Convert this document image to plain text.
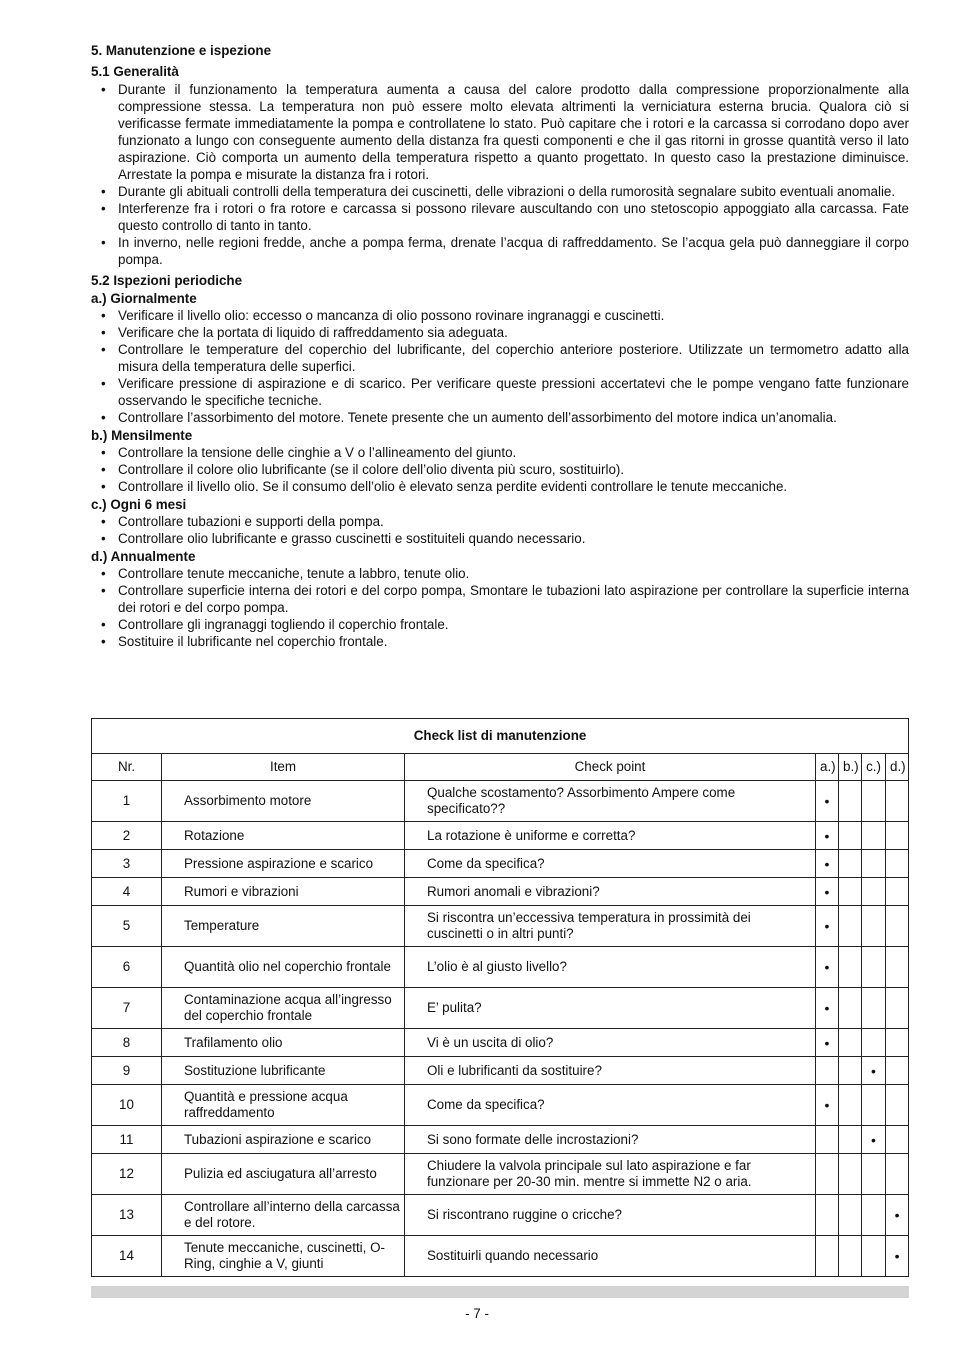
5. Manutenzione e ispezione
5.1 Generalità
• Durante il funzionamento la temperatura aumenta a causa del calore prodotto dalla compressione proporzionalmente alla compressione stessa. La temperatura non può essere molto elevata altrimenti la verniciatura esterna brucia. Qualora ciò si verificasse fermate immediatamente la pompa e controllatene lo stato. Può capitare che i rotori e la carcassa si corrodano dopo aver funzionato a lungo con conseguente aumento della distanza fra questi componenti e che il gas ritorni in grosse quantità verso il lato aspirazione. Ciò comporta un aumento della temperatura rispetto a quanto progettato. In questo caso la prestazione diminuisce. Arrestate la pompa e misurate la distanza fra i rotori.
• Durante gli abituali controlli della temperatura dei cuscinetti, delle vibrazioni o della rumorosità segnalare subito eventuali anomalie.
• Interferenze fra i rotori o fra rotore e carcassa si possono rilevare auscultando con uno stetoscopio appoggiato alla carcassa. Fate questo controllo di tanto in tanto.
• In inverno, nelle regioni fredde, anche a pompa ferma, drenate l’acqua di raffreddamento. Se l’acqua gela può danneggiare il corpo pompa.
5.2 Ispezioni periodiche
a.) Giornalmente
• Verificare il livello olio: eccesso o mancanza di olio possono rovinare ingranaggi e cuscinetti.
• Verificare che la portata di liquido di raffreddamento sia adeguata.
• Controllare le temperature del coperchio del lubrificante, del coperchio anteriore posteriore. Utilizzate un termometro adatto alla misura della temperatura delle superfici.
• Verificare pressione di aspirazione e di scarico. Per verificare queste pressioni accertatevi che le pompe vengano fatte funzionare osservando le specifiche tecniche.
• Controllare l’assorbimento del motore. Tenete presente che un aumento dell’assorbimento del motore indica un’anomalia.
b.) Mensilmente
• Controllare la tensione delle cinghie a V o l’allineamento del giunto.
• Controllare il colore olio lubrificante (se il colore dell’olio diventa più scuro, sostituirlo).
• Controllare il livello olio. Se il consumo dell’olio è elevato senza perdite evidenti controllare le tenute meccaniche.
c.) Ogni 6 mesi
• Controllare tubazioni e supporti della pompa.
• Controllare olio lubrificante e grasso cuscinetti e sostituiteli quando necessario.
d.) Annualmente
• Controllare tenute meccaniche, tenute a labbro, tenute olio.
• Controllare superficie interna dei rotori e del corpo pompa, Smontare le tubazioni lato aspirazione per controllare la superficie interna dei rotori e del corpo pompa.
• Controllare gli ingranaggi togliendo il coperchio frontale.
• Sostituire il lubrificante nel coperchio frontale.
Check list di manutenzione						
Nr.	Item	Check point	a.)	b.)	c.)	d.)
1	Assorbimento motore	Qualche scostamento? Assorbimento Ampere come specificato??	•			
2	Rotazione	La rotazione è uniforme e corretta?	•			
3	Pressione aspirazione e scarico	Come da specifica?	•			
4	Rumori e vibrazioni	Rumori anomali e vibrazioni?	•			
5	Temperature	Si riscontra un’eccessiva temperatura in prossimità dei cuscinetti o in altri punti?	•			
6	Quantità olio nel coperchio frontale	L’olio è al giusto livello?	•			
7	Contaminazione acqua all’ingresso del coperchio frontale	E’ pulita?	•			
8	Trafilamento olio	Vi è un uscita di olio?	•			
9	Sostituzione lubrificante	Oli e lubrificanti da sostituire?			•	
10	Quantità e pressione acqua raffreddamento	Come da specifica?	•			
11	Tubazioni aspirazione e scarico	Si sono formate delle incrostazioni?			•	
12	Pulizia ed asciugatura all’arresto	Chiudere la valvola principale sul lato aspirazione e far funzionare per 20-30 min. mentre si immette N2 o aria.				
13	Controllare all’interno della carcassa e del rotore.	Si riscontrano ruggine o cricche?				•
14	Tenute meccaniche, cuscinetti, O-Ring, cinghie a V, giunti	Sostituirli quando necessario				•
- 7 -
